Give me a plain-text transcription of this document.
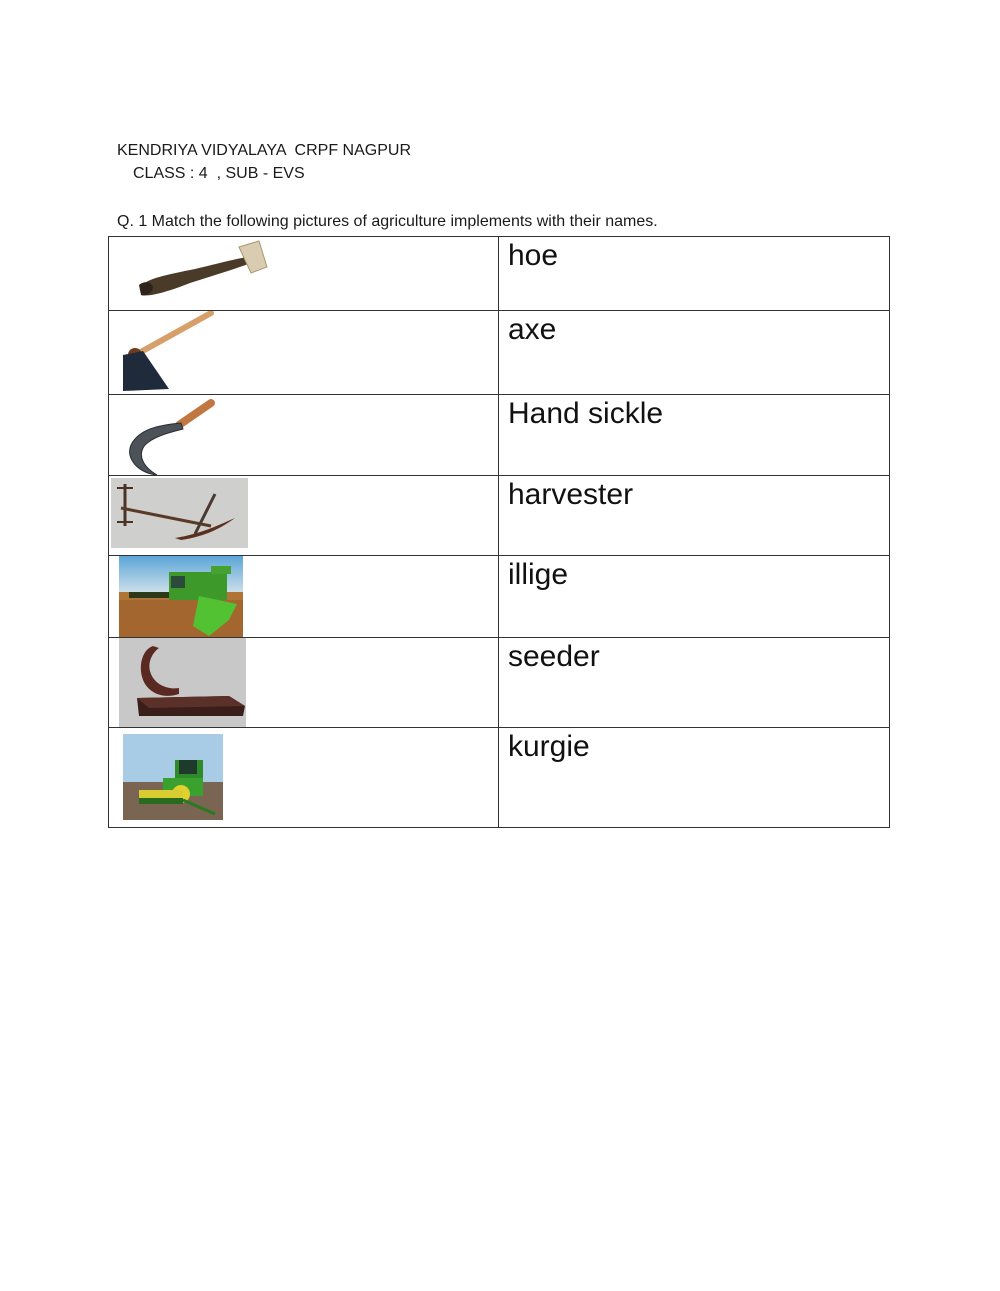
KENDRIYA VIDYALAYA  CRPF NAGPUR
CLASS : 4  , SUB - EVS
Q. 1 Match the following pictures of agriculture implements with their names.
	hoe

	axe

	Hand sickle

	harvester

	illige

	seeder

	kurgie
